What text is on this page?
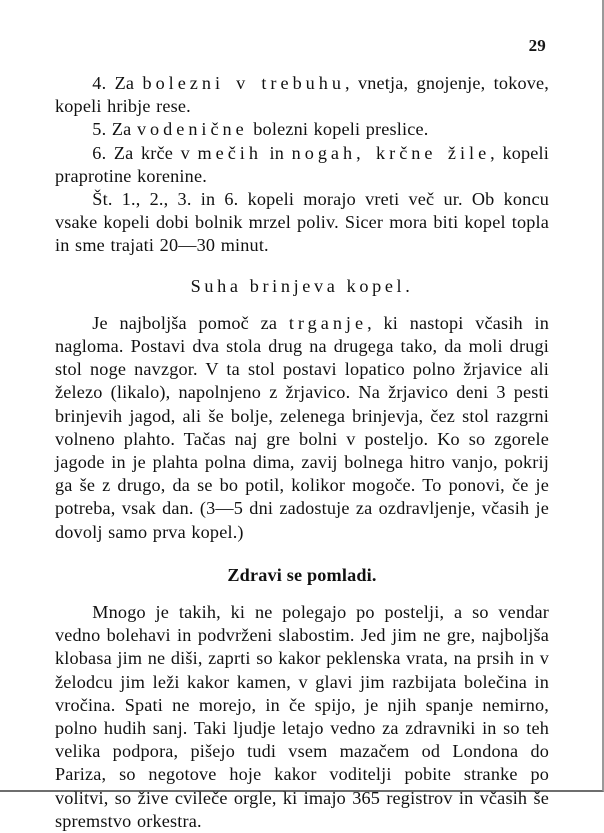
29

4. Za bolezni v trebuhu, vnetja, gnojenje, tokove, kopeli hribje rese.

5. Za vodenične bolezni kopeli preslice.

6. Za krče v mečih in nogah, krčne žile, kopeli praprotine korenine.

Št. 1., 2., 3. in 6. kopeli morajo vreti več ur. Ob koncu vsake kopeli dobi bolnik mrzel poliv. Sicer mora biti kopel topla in sme trajati 20—30 minut.

Suha brinjeva kopel.

Je najboljša pomoč za trganje, ki nastopi včasih in nagloma. Postavi dva stola drug na drugega tako, da moli drugi stol noge navzgor. V ta stol postavi lopatico polno žrjavice ali železo (likalo), napolnjeno z žrjavico. Na žrjavico deni 3 pesti brinjevih jagod, ali še bolje, zelenega brinjevja, čez stol razgrni volneno plahto. Tačas naj gre bolni v posteljo. Ko so zgorele jagode in je plahta polna dima, zavij bolnega hitro vanjo, pokrij ga še z drugo, da se bo potil, kolikor mogoče. To ponovi, če je potreba, vsak dan. (3—5 dni zadostuje za ozdravljenje, včasih je dovolj samo prva kopel.)

Zdravi se pomladi.

Mnogo je takih, ki ne polegajo po postelji, a so vendar vedno bolehavi in podvrženi slabostim. Jed jim ne gre, najboljša klobasa jim ne diši, zaprti so kakor peklenska vrata, na prsih in v želodcu jim leži kakor kamen, v glavi jim razbijata bolečina in vročina. Spati ne morejo, in če spijo, je njih spanje nemirno, polno hudih sanj. Taki ljudje letajo vedno za zdravniki in so teh velika podpora, pišejo tudi vsem mazačem od Londona do Pariza, so negotove hoje kakor voditelji pobite stranke po volitvi, so žive cvileče orgle, ki imajo 365 registrov in včasih še spremstvo orkestra.
